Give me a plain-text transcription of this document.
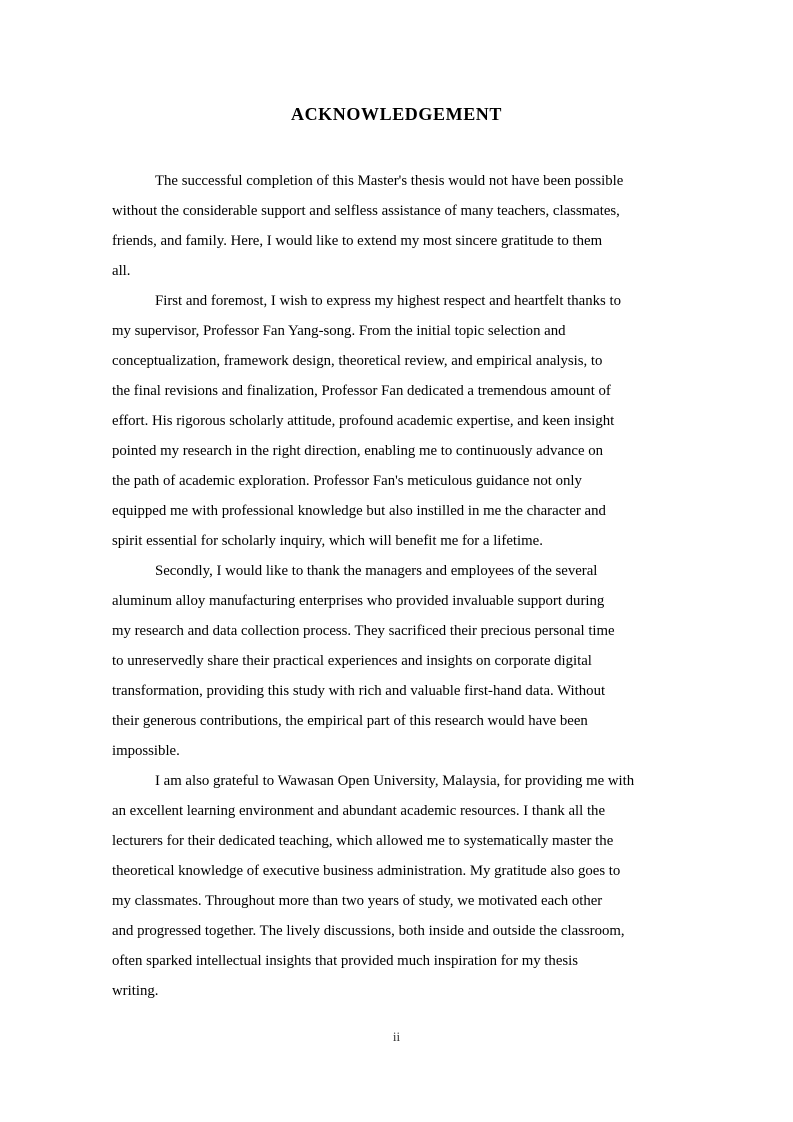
ACKNOWLEDGEMENT
The successful completion of this Master's thesis would not have been possible
without the considerable support and selfless assistance of many teachers, classmates,
friends, and family. Here, I would like to extend my most sincere gratitude to them
all.
First and foremost, I wish to express my highest respect and heartfelt thanks to
my supervisor, Professor Fan Yang-song. From the initial topic selection and
conceptualization, framework design, theoretical review, and empirical analysis, to
the final revisions and finalization, Professor Fan dedicated a tremendous amount of
effort. His rigorous scholarly attitude, profound academic expertise, and keen insight
pointed my research in the right direction, enabling me to continuously advance on
the path of academic exploration. Professor Fan's meticulous guidance not only
equipped me with professional knowledge but also instilled in me the character and
spirit essential for scholarly inquiry, which will benefit me for a lifetime.
Secondly, I would like to thank the managers and employees of the several
aluminum alloy manufacturing enterprises who provided invaluable support during
my research and data collection process. They sacrificed their precious personal time
to unreservedly share their practical experiences and insights on corporate digital
transformation, providing this study with rich and valuable first-hand data. Without
their generous contributions, the empirical part of this research would have been
impossible.
I am also grateful to Wawasan Open University, Malaysia, for providing me with
an excellent learning environment and abundant academic resources. I thank all the
lecturers for their dedicated teaching, which allowed me to systematically master the
theoretical knowledge of executive business administration. My gratitude also goes to
my classmates. Throughout more than two years of study, we motivated each other
and progressed together. The lively discussions, both inside and outside the classroom,
often sparked intellectual insights that provided much inspiration for my thesis
writing.
ii
